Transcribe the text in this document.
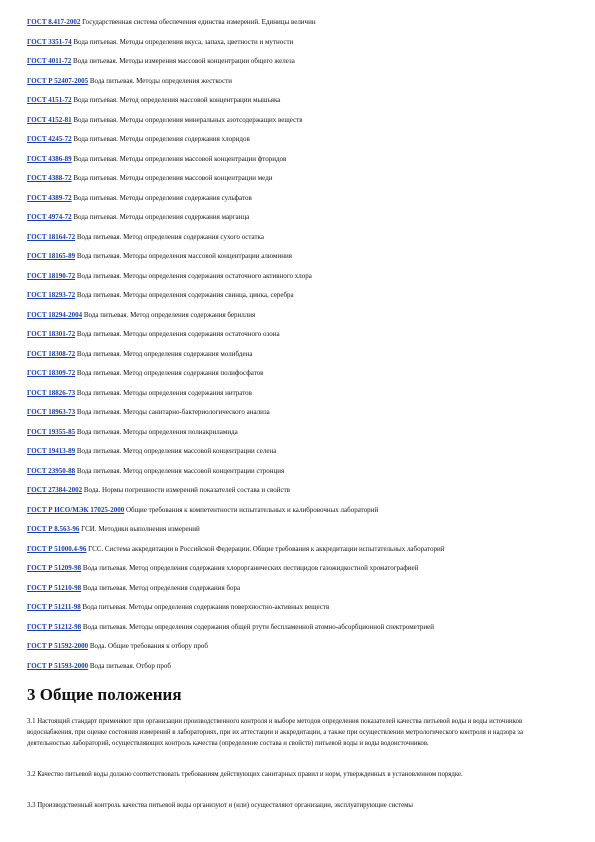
ГОСТ 8.417-2002 Государственная система обеспечения единства измерений. Единицы величин
ГОСТ 3351-74 Вода питьевая. Методы определения вкуса, запаха, цветности и мутности
ГОСТ 4011-72 Вода питьевая. Методы измерения массовой концентрации общего железа
ГОСТ Р 52407-2005 Вода питьевая. Методы определения жесткости
ГОСТ 4151-72 Вода питьевая. Метод определения массовой концентрации мышьяка
ГОСТ 4152-81 Вода питьевая. Методы определения минеральных азотсодержащих веществ
ГОСТ 4245-72 Вода питьевая. Методы определения содержания хлоридов
ГОСТ 4386-89 Вода питьевая. Методы определения массовой концентрации фторидов
ГОСТ 4388-72 Вода питьевая. Методы определения массовой концентрации меди
ГОСТ 4389-72 Вода питьевая. Методы определения содержания сульфатов
ГОСТ 4974-72 Вода питьевая. Методы определения содержания марганца
ГОСТ 18164-72 Вода питьевая. Метод определения содержания сухого остатка
ГОСТ 18165-89 Вода питьевая. Методы определения массовой концентрации алюминия
ГОСТ 18190-72 Вода питьевая. Методы определения содержания остаточного активного хлора
ГОСТ 18293-72 Вода питьевая. Методы определения содержания свинца, цинка, серебра
ГОСТ 18294-2004 Вода питьевая. Метод определения содержания бериллия
ГОСТ 18301-72 Вода питьевая. Методы определения содержания остаточного озона
ГОСТ 18308-72 Вода питьевая. Метод определения содержания молибдена
ГОСТ 18309-72 Вода питьевая. Метод определения содержания полифосфатов
ГОСТ 18826-73 Вода питьевая. Методы определения содержания нитратов
ГОСТ 18963-73 Вода питьевая. Методы санитарно-бактериологического анализа
ГОСТ 19355-85 Вода питьевая. Методы определения полиакриламида
ГОСТ 19413-89 Вода питьевая. Метод определения массовой концентрации селена
ГОСТ 23950-88 Вода питьевая. Метод определения массовой концентрации стронция
ГОСТ 27384-2002 Вода. Нормы погрешности измерений показателей состава и свойств
ГОСТ Р ИСО/МЭК 17025-2000 Общие требования к компетентности испытательных и калибровочных лабораторий
ГОСТ Р 8.563-96 ГСИ. Методики выполнения измерений
ГОСТ Р 51000.4-96 ГСС. Система аккредитации в Российской Федерации. Общие требования к аккредитации испытательных лабораторий
ГОСТ Р 51209-98 Вода питьевая. Метод определения содержания хлорорганических пестицидов газожидкостной хроматографией
ГОСТ Р 51210-98 Вода питьевая. Метод определения содержания бора
ГОСТ Р 51211-98 Вода питьевая. Методы определения содержания поверхностно-активных веществ
ГОСТ Р 51212-98 Вода питьевая. Методы определения содержания общей ртути беспламенной атомно-абсорбционной спектрометрией
ГОСТ Р 51592-2000 Вода. Общие требования к отбору проб
ГОСТ Р 51593-2000 Вода питьевая. Отбор проб
3 Общие положения

3.1 Настоящий стандарт применяют при организации производственного контроля и выборе методов определения показателей качества питьевой воды и воды источников водоснабжения, при оценке состояния измерений в лабораториях, при их аттестации и аккредитации, а также при осуществлении метрологического контроля и надзора за деятельностью лабораторий, осуществляющих контроль качества (определение состава и свойств) питьевой воды и воды водоисточников.

3.2 Качество питьевой воды должно соответствовать требованиям действующих санитарных правил и норм, утвержденных в установленном порядке.

3.3 Производственный контроль качества питьевой воды организуют и (или) осуществляют организации, эксплуатирующие системы
